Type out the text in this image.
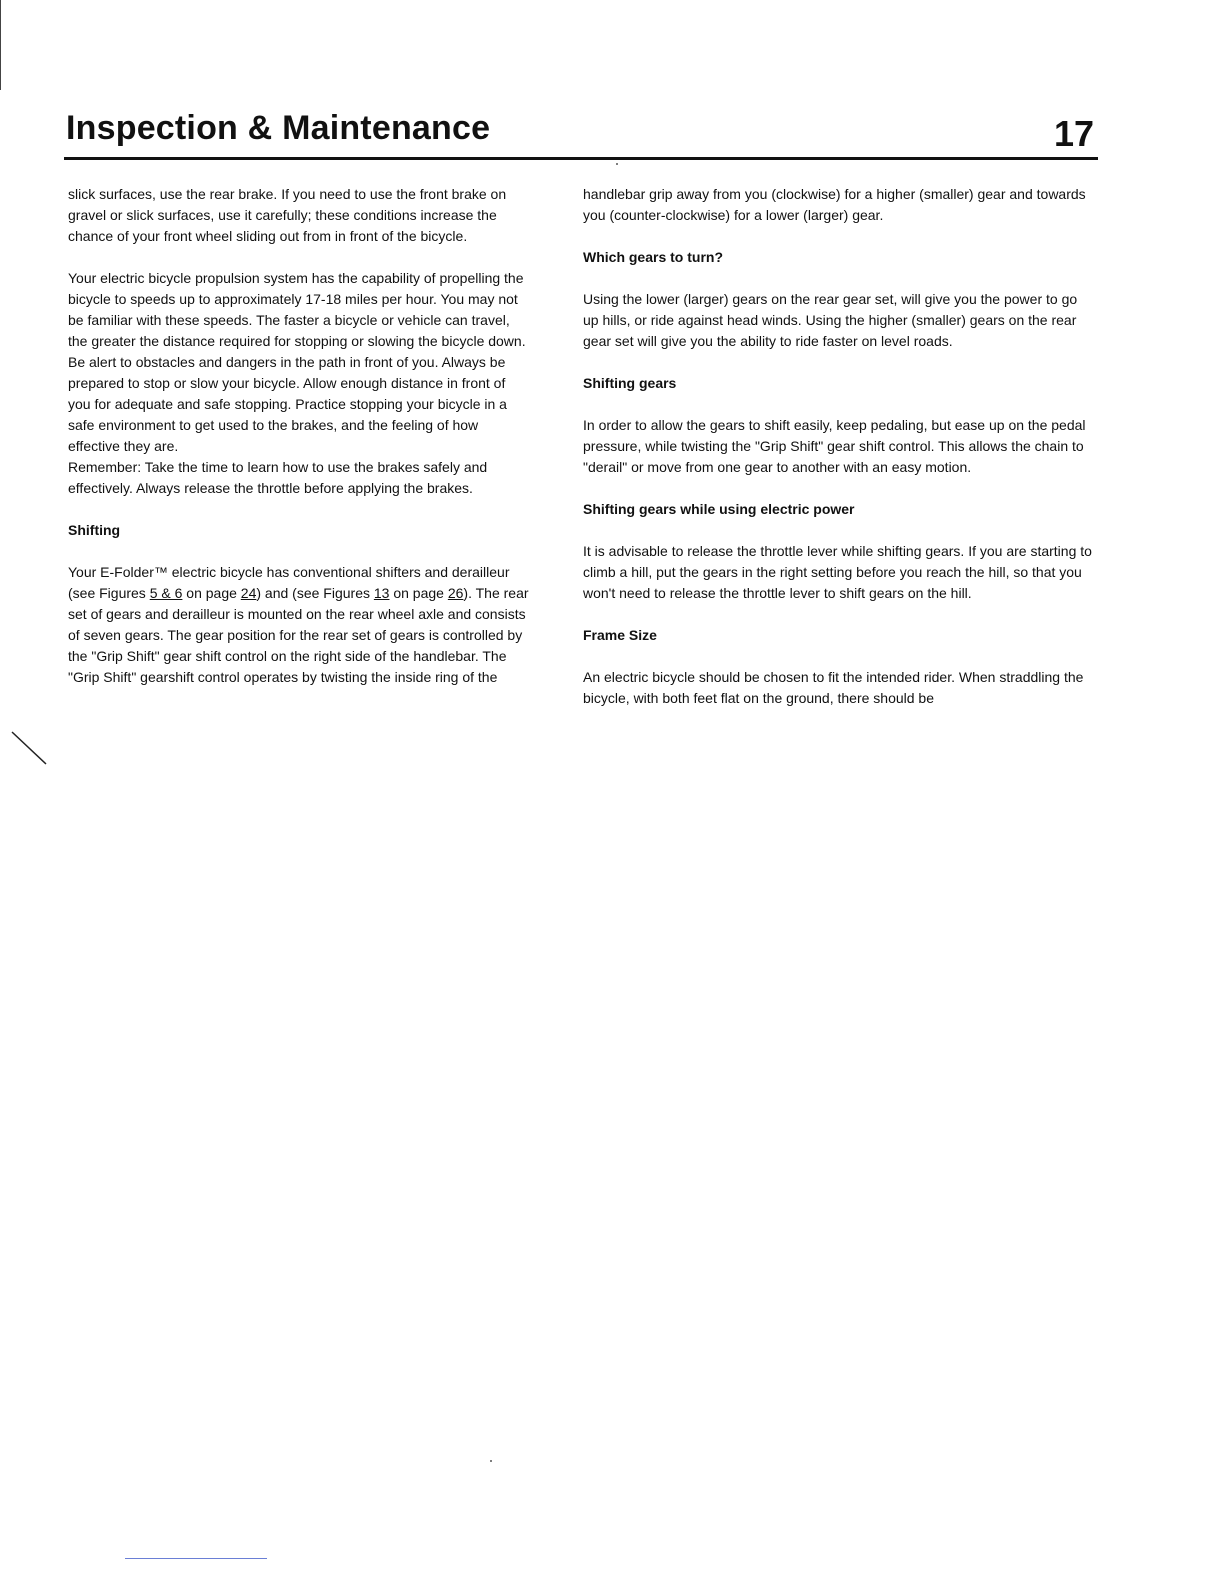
Inspection & Maintenance	17

slick surfaces, use the rear brake. If you need to use the front brake on gravel or slick surfaces, use it carefully; these conditions increase the chance of your front wheel sliding out from in front of the bicycle.

Your electric bicycle propulsion system has the capability of propelling the bicycle to speeds up to approximately 17-18 miles per hour. You may not be familiar with these speeds. The faster a bicycle or vehicle can travel, the greater the distance required for stopping or slowing the bicycle down. Be alert to obstacles and dangers in the path in front of you. Always be prepared to stop or slow your bicycle. Allow enough distance in front of you for adequate and safe stopping. Practice stopping your bicycle in a safe environment to get used to the brakes, and the feeling of how effective they are.

Remember: Take the time to learn how to use the brakes safely and effectively. Always release the throttle before applying the brakes.

Shifting

Your E-Folder™ electric bicycle has conventional shifters and derailleur (see Figures 5 & 6 on page 24) and (see Figures 13 on page 26). The rear set of gears and derailleur is mounted on the rear wheel axle and consists of seven gears. The gear position for the rear set of gears is controlled by the "Grip Shift" gear shift control on the right side of the handlebar. The "Grip Shift" gearshift control operates by twisting the inside ring of the

handlebar grip away from you (clockwise) for a higher (smaller) gear and towards you (counter-clockwise) for a lower (larger) gear.

Which gears to turn?

Using the lower (larger) gears on the rear gear set, will give you the power to go up hills, or ride against head winds. Using the higher (smaller) gears on the rear gear set will give you the ability to ride faster on level roads.

Shifting gears

In order to allow the gears to shift easily, keep pedaling, but ease up on the pedal pressure, while twisting the "Grip Shift" gear shift control. This allows the chain to "derail" or move from one gear to another with an easy motion.

Shifting gears while using electric power

It is advisable to release the throttle lever while shifting gears. If you are starting to climb a hill, put the gears in the right setting before you reach the hill, so that you won't need to release the throttle lever to shift gears on the hill.

Frame Size

An electric bicycle should be chosen to fit the intended rider. When straddling the bicycle, with both feet flat on the ground, there should be
